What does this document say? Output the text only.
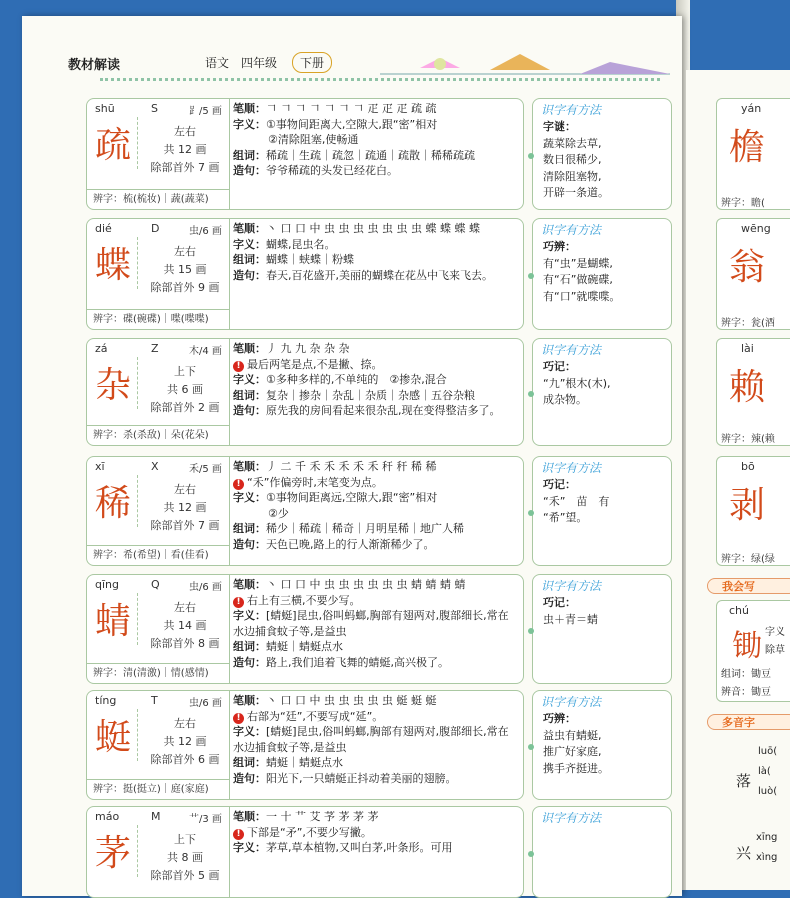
教材解读	语文　 四年级	下册
shū	S	⻊/5 画
疏	左右
共 12 画
除部首外 7 画
辨字：梳(梳妆)｜蔬(蔬菜)
笔顺：𠃍 𠃍 𠃍 𠃍 𠃍 𠃍 𠃍 疋 疋 疋 疏 疏
字义：①事物间距离大,空隙大,跟“密”相对
②清除阻塞,使畅通
组词：稀疏｜生疏｜疏忽｜疏通｜疏散｜稀稀疏疏
造句：爷爷稀疏的头发已经花白。
识字有方法
字谜：
蔬菜除去草,
数日很稀少,
清除阻塞物,
开辟一条道。
dié	D	虫/6 画
蝶	左右
共 15 画
除部首外 9 画
辨字：碟(碗碟)｜喋(喋喋)
笔顺：丶 口 口 中 虫 虫 虫 虫 虫 虫 虫 蝶 蝶 蝶 蝶
字义：蝴蝶,昆虫名。
组词：蝴蝶｜蛱蝶｜粉蝶
造句：春天,百花盛开,美丽的蝴蝶在花丛中飞来飞去。
识字有方法
巧辨：
有“虫”是蝴蝶,
有“石”做碗碟,
有“口”就喋喋。
zá	Z	木/4 画
杂	上下
共 6 画
除部首外 2 画
辨字：杀(杀敌)｜朵(花朵)
笔顺：丿 九 九 杂 杂 杂
! 最后两笔是点,不是撇、捺。
字义：①多种多样的,不单纯的　②掺杂,混合
组词：复杂｜掺杂｜杂乱｜杂质｜杂感｜五谷杂粮
造句：原先我的房间看起来很杂乱,现在变得整洁多了。
识字有方法
巧记：
“九”根木(木),
成杂物。
xī	X	禾/5 画
稀	左右
共 12 画
除部首外 7 画
辨字：希(希望)｜看(佳看)
笔顺：丿 二 千 禾 禾 禾 禾 禾 秆 秆 稀 稀
! “禾”作偏旁时,末笔变为点。
字义：①事物间距离远,空隙大,跟“密”相对
②少
组词：稀少｜稀疏｜稀奇｜月明星稀｜地广人稀
造句：天色已晚,路上的行人渐渐稀少了。
识字有方法
巧记：
“禾”　苗　有
“希”望。
qīng	Q	虫/6 画
蜻	左右
共 14 画
除部首外 8 画
辨字：清(清激)｜情(感情)
笔顺：丶 口 口 中 虫 虫 虫 虫 虫 虫 蜻 蜻 蜻 蜻
! 右上有三横,不要少写。
字义：[蜻蜓]昆虫,俗叫蚂螂,胸部有翅两对,腹部细长,常在水边捕食蚊子等,是益虫
组词：蜻蜓｜蜻蜓点水
造句：路上,我们追着飞舞的蜻蜓,高兴极了。
识字有方法
巧记：
虫＋青＝蜻
tíng	T	虫/6 画
蜓	左右
共 12 画
除部首外 6 画
辨字：挺(挺立)｜庭(家庭)
笔顺：丶 口 口 中 虫 虫 虫 虫 虫 蜓 蜓 蜓
! 右部为“廷”,不要写成“延”。
字义：[蜻蜓]昆虫,俗叫蚂螂,胸部有翅两对,腹部细长,常在水边捕食蚊子等,是益虫
组词：蜻蜓｜蜻蜓点水
造句：阳光下,一只蜻蜓正抖动着美丽的翅膀。
识字有方法
巧辨：
益虫有蜻蜓,
推广好家庭,
携手齐挺进。
máo	M	艹/3 画
茅	上下
共 8 画
除部首外 5 画
笔顺：一 十 艹 艾 芧 茅 茅 茅
! 下部是“矛”,不要少写撇。
字义：茅草,草本植物,又叫白茅,叶条形。可用
识字有方法
yán
檐
辨字：瞻(
wēng
翁
辨字：瓮(酒
lài
赖
辨字：辣(赖
bō
剥
辨字：绿(绿
我会写
chú
锄 字义
除草
组词：锄豆
辨音：锄豆
多音字
落
luō(
là(
luò(
兴
xīng
xìng
